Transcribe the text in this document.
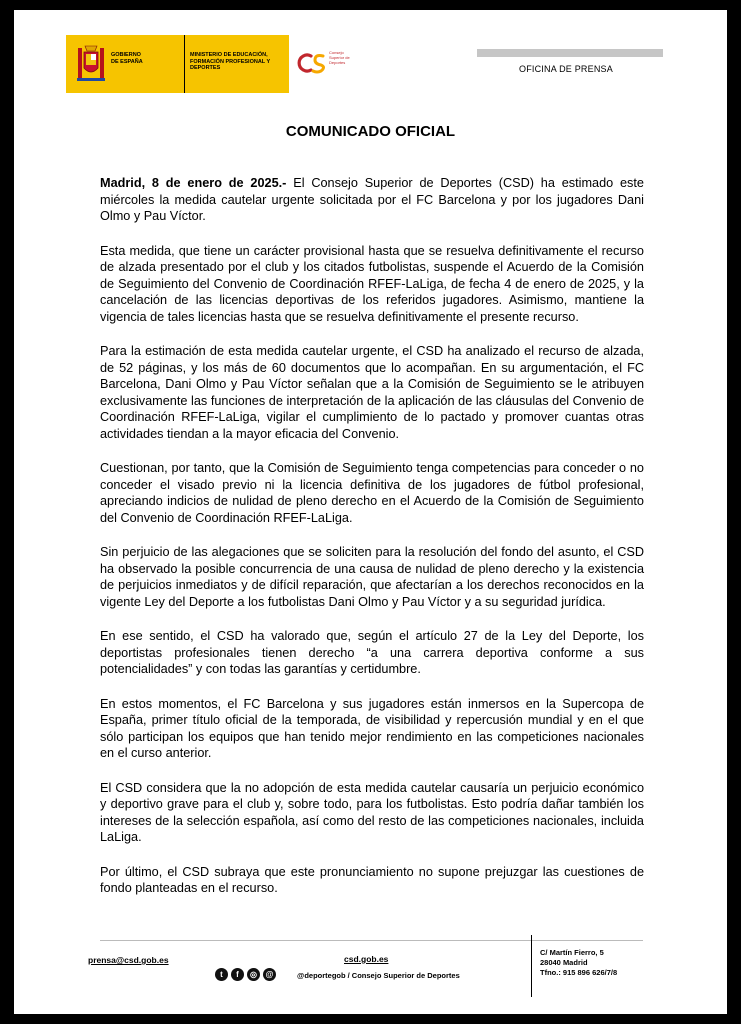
GOBIERNO DE ESPAÑA
MINISTERIO DE EDUCACIÓN, FORMACIÓN PROFESIONAL Y DEPORTES
Consejo Superior de Deportes
OFICINA DE PRENSA
COMUNICADO OFICIAL

Madrid, 8 de enero de 2025.- El Consejo Superior de Deportes (CSD) ha estimado este miércoles la medida cautelar urgente solicitada por el FC Barcelona y por los jugadores Dani Olmo y Pau Víctor.

Esta medida, que tiene un carácter provisional hasta que se resuelva definitivamente el recurso de alzada presentado por el club y los citados futbolistas, suspende el Acuerdo de la Comisión de Seguimiento del Convenio de Coordinación RFEF-LaLiga, de fecha 4 de enero de 2025, y la cancelación de las licencias deportivas de los referidos jugadores. Asimismo, mantiene la vigencia de tales licencias hasta que se resuelva definitivamente el presente recurso.

Para la estimación de esta medida cautelar urgente, el CSD ha analizado el recurso de alzada, de 52 páginas, y los más de 60 documentos que lo acompañan. En su argumentación, el FC Barcelona, Dani Olmo y Pau Víctor señalan que a la Comisión de Seguimiento se le atribuyen exclusivamente las funciones de interpretación de la aplicación de las cláusulas del Convenio de Coordinación RFEF-LaLiga, vigilar el cumplimiento de lo pactado y promover cuantas otras actividades tiendan a la mayor eficacia del Convenio.

Cuestionan, por tanto, que la Comisión de Seguimiento tenga competencias para conceder o no conceder el visado previo ni la licencia definitiva de los jugadores de fútbol profesional, apreciando indicios de nulidad de pleno derecho en el Acuerdo de la Comisión de Seguimiento del Convenio de Coordinación RFEF-LaLiga.

Sin perjuicio de las alegaciones que se soliciten para la resolución del fondo del asunto, el CSD ha observado la posible concurrencia de una causa de nulidad de pleno derecho y la existencia de perjuicios inmediatos y de difícil reparación, que afectarían a los derechos reconocidos en la vigente Ley del Deporte a los futbolistas Dani Olmo y Pau Víctor y a su seguridad jurídica.

En ese sentido, el CSD ha valorado que, según el artículo 27 de la Ley del Deporte, los deportistas profesionales tienen derecho “a una carrera deportiva conforme a sus potencialidades” y con todas las garantías y certidumbre.

En estos momentos, el FC Barcelona y sus jugadores están inmersos en la Supercopa de España, primer título oficial de la temporada, de visibilidad y repercusión mundial y en el que sólo participan los equipos que han tenido mejor rendimiento en las competiciones nacionales en el curso anterior.

El CSD considera que la no adopción de esta medida cautelar causaría un perjuicio económico y deportivo grave para el club y, sobre todo, para los futbolistas. Esto podría dañar también los intereses de la selección española, así como del resto de las competiciones nacionales, incluida LaLiga.

Por último, el CSD subraya que este pronunciamiento no supone prejuzgar las cuestiones de fondo planteadas en el recurso.

prensa@csd.gob.es	csd.gob.es
t	f	◎	@	@deportegob / Consejo Superior de Deportes
C/ Martín Fierro, 5
28040 Madrid
Tfno.: 915 896 626/7/8
